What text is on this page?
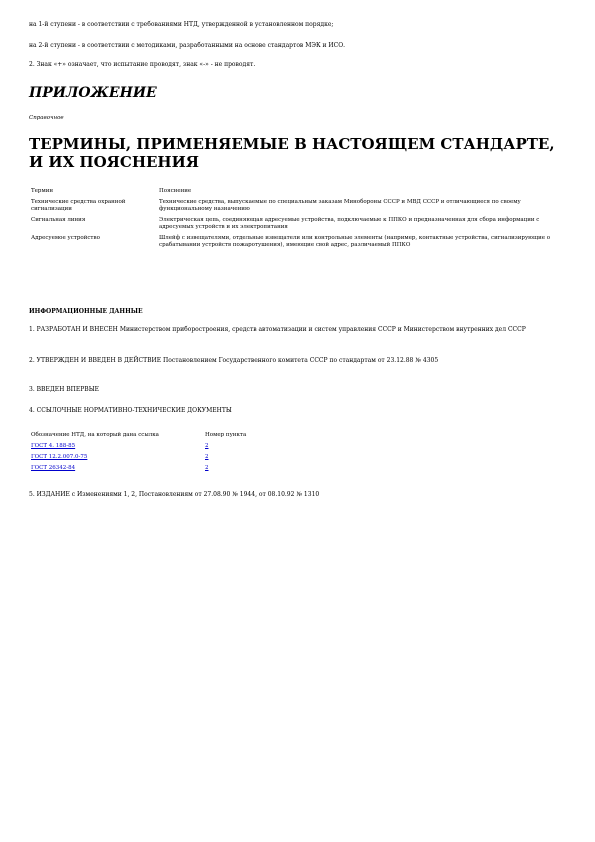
на 1-й ступени - в соответствии с требованиями НТД, утвержденной в установленном порядке;
на 2-й ступени - в соответствии с методиками, разработанными на основе стандартов МЭК и ИСО.
2. Знак «+» означает, что испытание проводят, знак «-» - не проводят.
ПРИЛОЖЕНИЕ
Справочное
ТЕРМИНЫ, ПРИМЕНЯЕМЫЕ В НАСТОЯЩЕМ СТАНДАРТЕ, И ИХ ПОЯСНЕНИЯ
Термин	Пояснение
Технические средства охранной сигнализации	Технические средства, выпускаемые по специальным заказам Минобороны СССР и МВД СССР и отличающиеся по своему функциональному назначению
Сигнальная линия	Электрическая цепь, соединяющая адресуемые устройства, подключаемые к ППКО и предназначенная для сбора информации с адресуемых устройств и их электропитания
Адресуемое устройство	Шлейф с извещателями, отдельные извещатели или контрольные элементы (например, контактные устройства, сигнализирующие о срабатывании устройств пожаротушения), имеющие свой адрес, различаемый ППКО
ИНФОРМАЦИОННЫЕ ДАННЫЕ
1. РАЗРАБОТАН И ВНЕСЕН Министерством приборостроения, средств автоматизации и систем управления СССР и Министерством внутренних дел СССР
2. УТВЕРЖДЕН И ВВЕДЕН В ДЕЙСТВИЕ Постановлением Государственного комитета СССР по стандартам от 23.12.88 № 4305
3. ВВЕДЕН ВПЕРВЫЕ
4. ССЫЛОЧНЫЕ НОРМАТИВНО-ТЕХНИЧЕСКИЕ ДОКУМЕНТЫ
Обозначение НТД, на который дана ссылка	Номер пункта
ГОСТ 4. 188-85	2
ГОСТ 12.2.007.0-75	2
ГОСТ 26342-84	2
5. ИЗДАНИЕ с Изменениями 1, 2, Постановлениям от 27.08.90 № 1944, от 08.10.92 № 1310
